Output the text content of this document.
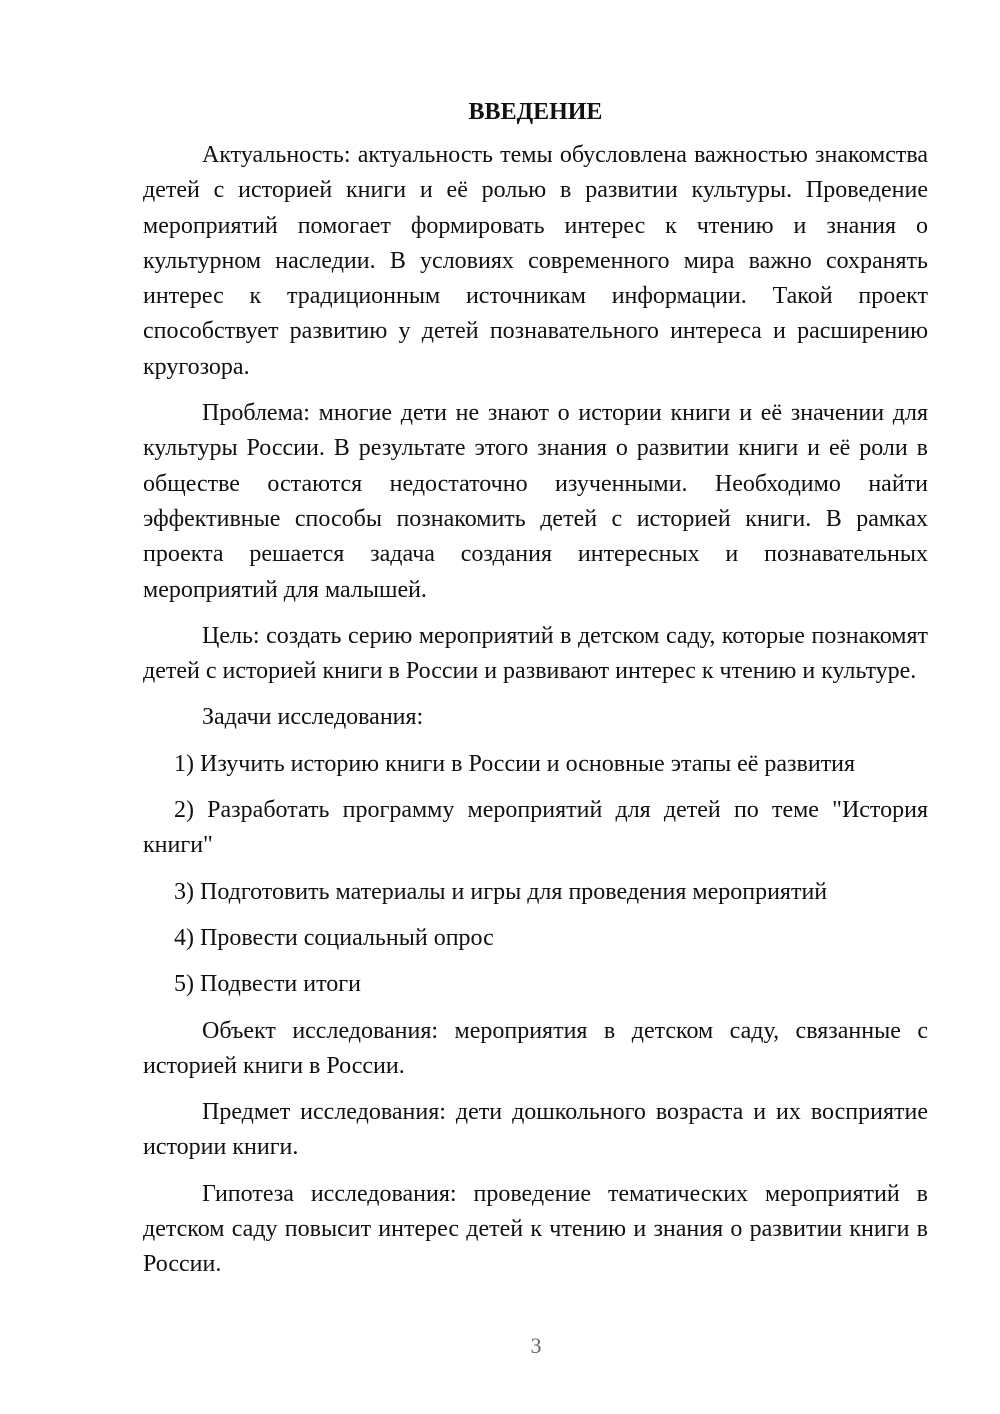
ВВЕДЕНИЕ

Актуальность: актуальность темы обусловлена важностью знакомства детей с историей книги и её ролью в развитии культуры. Проведение мероприятий помогает формировать интерес к чтению и знания о культурном наследии. В условиях современного мира важно сохранять интерес к традиционным источникам информации. Такой проект способствует развитию у детей познавательного интереса и расширению кругозора.

Проблема: многие дети не знают о истории книги и её значении для культуры России. В результате этого знания о развитии книги и её роли в обществе остаются недостаточно изученными. Необходимо найти эффективные способы познакомить детей с историей книги. В рамках проекта решается задача создания интересных и познавательных мероприятий для малышей.

Цель: создать серию мероприятий в детском саду, которые познакомят детей с историей книги в России и развивают интерес к чтению и культуре.

Задачи исследования:

1) Изучить историю книги в России и основные этапы её развития

2) Разработать программу мероприятий для детей по теме "История книги"

3) Подготовить материалы и игры для проведения мероприятий

4) Провести социальный опрос

5) Подвести итоги

Объект исследования: мероприятия в детском саду, связанные с историей книги в России.

Предмет исследования: дети дошкольного возраста и их восприятие истории книги.

Гипотеза исследования: проведение тематических мероприятий в детском саду повысит интерес детей к чтению и знания о развитии книги в России.

3
